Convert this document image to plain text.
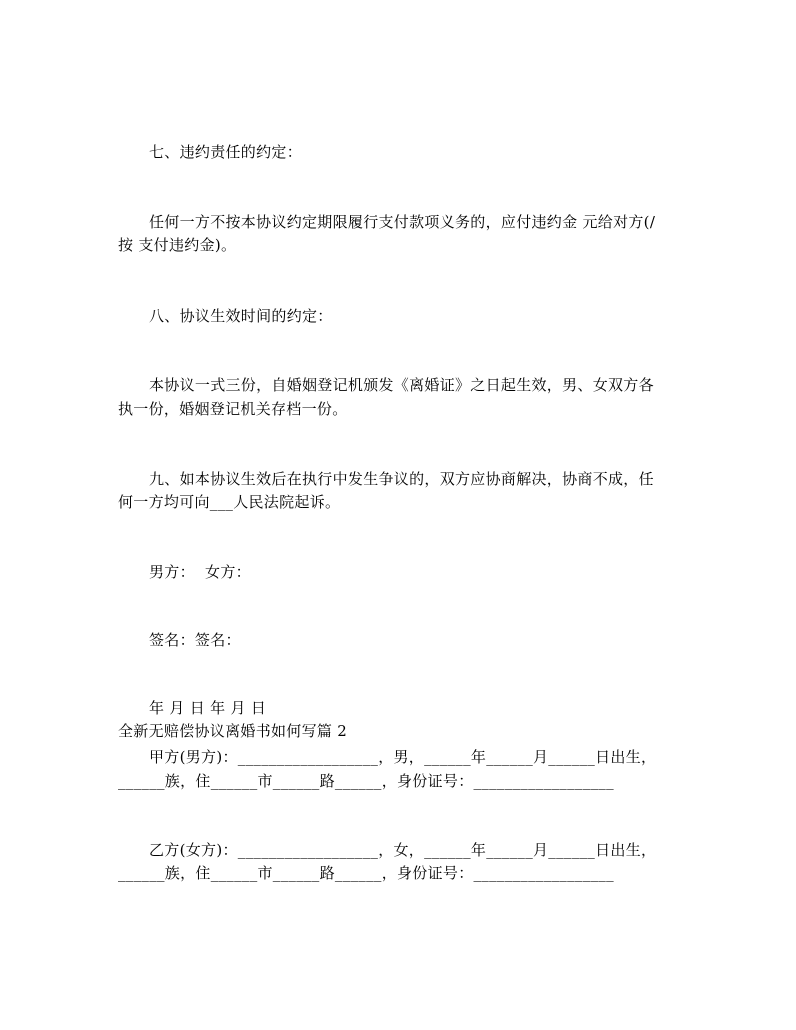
七、违约责任的约定：
任何一方不按本协议约定期限履行支付款项义务的，应付违约金 元给对方(/
按 支付违约金)。
八、协议生效时间的约定：
本协议一式三份，自婚姻登记机颁发《离婚证》之日起生效，男、女双方各
执一份，婚姻登记机关存档一份。
九、如本协议生效后在执行中发生争议的，双方应协商解决，协商不成，任
何一方均可向___人民法院起诉。
男方：  女方：
签名：签名：
年 月 日 年 月 日
全新无赔偿协议离婚书如何写篇 2
甲方(男方)：__________________，男，______年______月______日出生，
______族，住______市______路______，身份证号：__________________
乙方(女方)：__________________，女，______年______月______日出生，
______族，住______市______路______，身份证号：__________________
